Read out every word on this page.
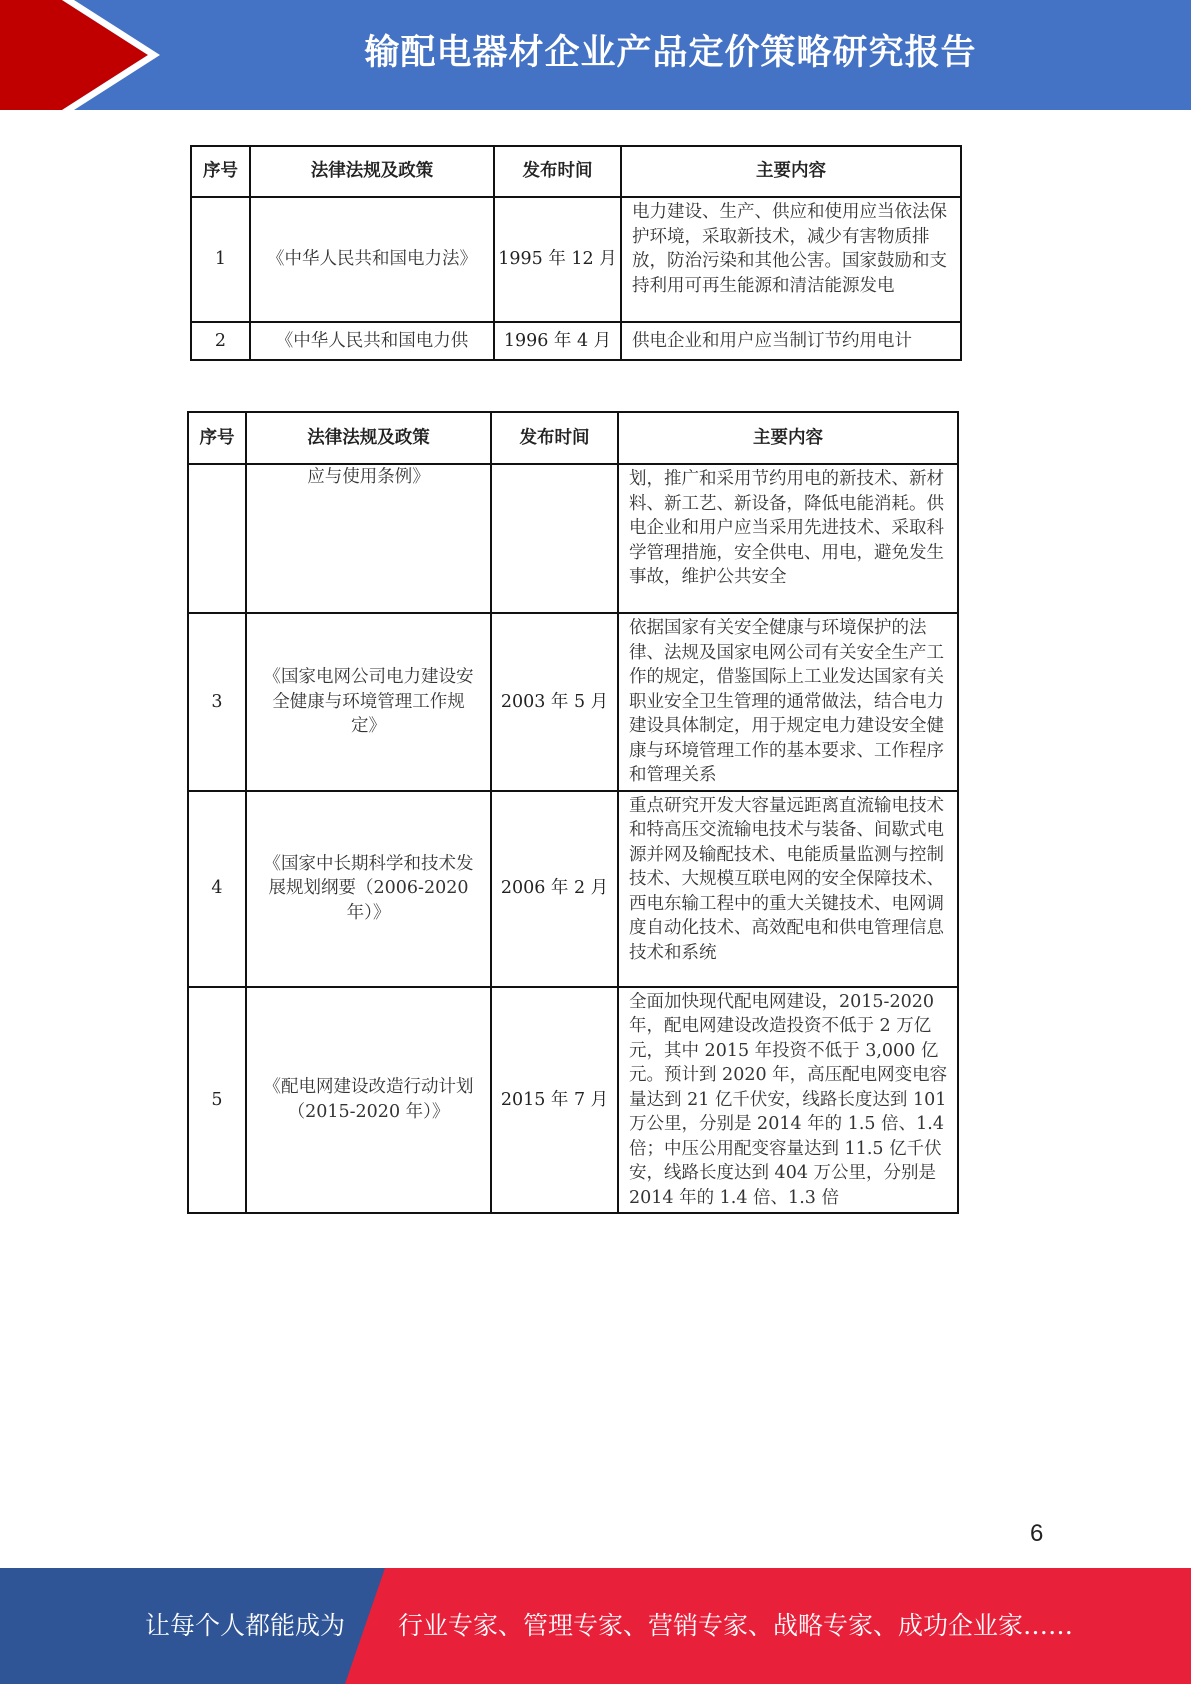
输配电器材企业产品定价策略研究报告
序号	法律法规及政策	发布时间	主要内容
1	《中华人民共和国电力法》	1995 年 12 月	电力建设、生产、供应和使用应当依法保护环境，采取新技术，减少有害物质排放，防治污染和其他公害。国家鼓励和支持利用可再生能源和清洁能源发电
2	《中华人民共和国电力供	1996 年 4 月	供电企业和用户应当制订节约用电计
序号	法律法规及政策	发布时间	主要内容
	应与使用条例》		划，推广和采用节约用电的新技术、新材料、新工艺、新设备，降低电能消耗。供电企业和用户应当采用先进技术、采取科学管理措施，安全供电、用电，避免发生事故，维护公共安全
3	《国家电网公司电力建设安全健康与环境管理工作规定》	2003 年 5 月	依据国家有关安全健康与环境保护的法律、法规及国家电网公司有关安全生产工作的规定，借鉴国际上工业发达国家有关职业安全卫生管理的通常做法，结合电力建设具体制定，用于规定电力建设安全健康与环境管理工作的基本要求、工作程序和管理关系
4	《国家中长期科学和技术发展规划纲要（2006-2020年）》	2006 年 2 月	重点研究开发大容量远距离直流输电技术和特高压交流输电技术与装备、间歇式电源并网及输配技术、电能质量监测与控制技术、大规模互联电网的安全保障技术、西电东输工程中的重大关键技术、电网调度自动化技术、高效配电和供电管理信息技术和系统
5	《配电网建设改造行动计划（2015-2020 年）》	2015 年 7 月	全面加快现代配电网建设，2015-2020 年，配电网建设改造投资不低于 2 万亿元，其中 2015 年投资不低于 3,000 亿元。预计到 2020 年，高压配电网变电容量达到 21 亿千伏安，线路长度达到 101 万公里，分别是 2014 年的 1.5 倍、1.4 倍；中压公用配变容量达到 11.5 亿千伏安，线路长度达到 404 万公里，分别是 2014 年的 1.4 倍、1.3 倍
6
让每个人都能成为 行业专家、管理专家、营销专家、战略专家、成功企业家……
